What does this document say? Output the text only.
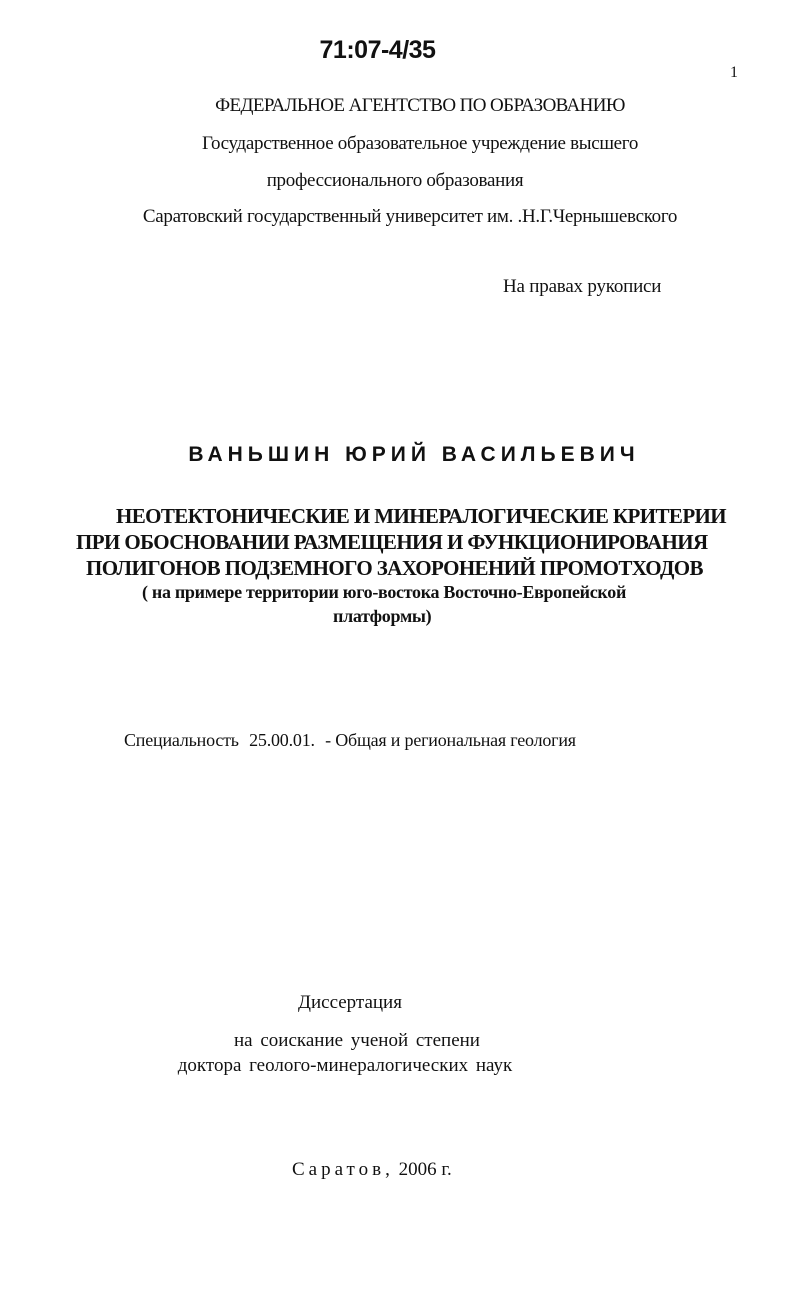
71:07-4/35
1
ФЕДЕРАЛЬНОЕ АГЕНТСТВО ПО ОБРАЗОВАНИЮ
Государственное образовательное учреждение высшего
профессионального образования
Саратовский государственный университет им. .Н.Г.Чернышевского
На правах рукописи
ВАНЬШИН ЮРИЙ ВАСИЛЬЕВИЧ
НЕОТЕКТОНИЧЕСКИЕ И МИНЕРАЛОГИЧЕСКИЕ КРИТЕРИИ
ПРИ ОБОСНОВАНИИ РАЗМЕЩЕНИЯ И ФУНКЦИОНИРОВАНИЯ
ПОЛИГОНОВ ПОДЗЕМНОГО ЗАХОРОНЕНИЙ ПРОМОТХОДОВ
( на примере территории юго-востока Восточно-Европейской
платформы)
Специальность 25.00.01. - Общая и региональная геология
Диссертация
на соискание ученой степени
доктора геолого-минералогических наук
Саратов, 2006 г.
